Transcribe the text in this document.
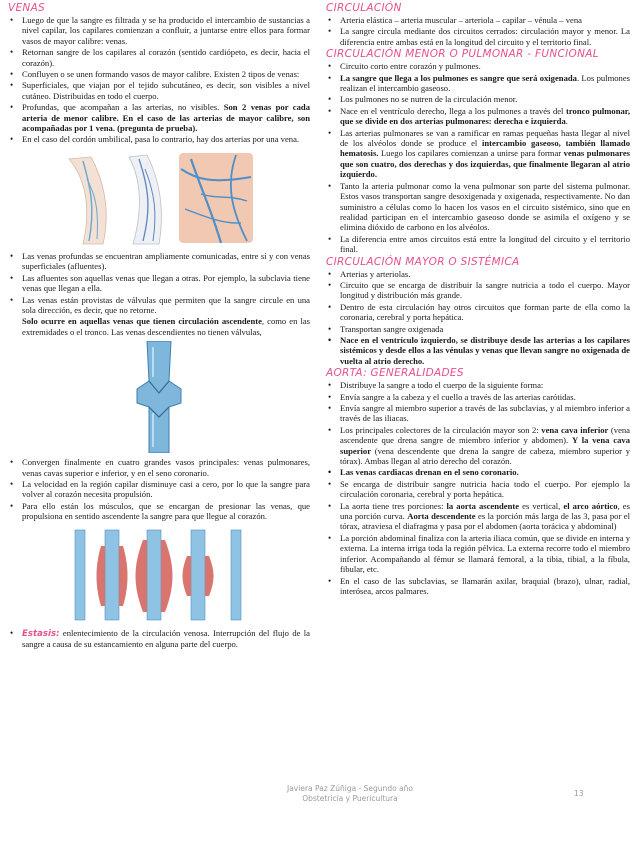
VENAS
• Luego de que la sangre es filtrada y se ha producido el intercambio de sustancias a nivel capilar, los capilares comienzan a confluir, a juntarse entre ellos para formar vasos de mayor calibre: venas.
• Retornan sangre de los capilares al corazón (sentido cardiópeto, es decir, hacia el corazón).
• Confluyen o se unen formando vasos de mayor calibre. Existen 2 tipos de venas:
• Superficiales, que viajan por el tejido subcutáneo, es decir, son visibles a nivel cutáneo. Distribuidas en todo el cuerpo.
• Profundas, que acompañan a las arterias, no visibles. Son 2 venas por cada arteria de menor calibre. En el caso de las arterias de mayor calibre, son acompañadas por 1 vena. (pregunta de prueba).
• En el caso del cordón umbilical, pasa lo contrario, hay dos arterias por una vena.
• Las venas profundas se encuentran ampliamente comunicadas, entre sí y con venas superficiales (afluentes).
• Las afluentes son aquellas venas que llegan a otras. Por ejemplo, la subclavia tiene venas que llegan a ella.
• Las venas están provistas de válvulas que permiten que la sangre circule en una sola dirección, es decir, que no retorne.
Solo ocurre en aquellas venas que tienen circulación ascendente, como en las extremidades o el tronco. Las venas descendientes no tienen válvulas,
• Convergen finalmente en cuatro grandes vasos principales: venas pulmonares, venas cavas superior e inferior, y en el seno coronario.
• La velocidad en la región capilar disminuye casi a cero, por lo que la sangre para volver al corazón necesita propulsión.
• Para ello están los músculos, que se encargan de presionar las venas, que propulsiona en sentido ascendente la sangre para que llegue al corazón.
• Estasis: enlentecimiento de la circulación venosa. Interrupción del flujo de la sangre a causa de su estancamiento en alguna parte del cuerpo.
CIRCULACIÓN
• Arteria elástica – arteria muscular – arteriola – capilar – vénula – vena
• La sangre circula mediante dos circuitos cerrados: circulación mayor y menor. La diferencia entre ambas está en la longitud del circuito y el territorio final.
CIRCULACIÓN MENOR O PULMONAR - FUNCIONAL
• Circuito corto entre corazón y pulmones.
• La sangre que llega a los pulmones es sangre que será oxigenada. Los pulmones realizan el intercambio gaseoso.
• Los pulmones no se nutren de la circulación menor.
• Nace en el ventrículo derecho, llega a los pulmones a través del tronco pulmonar, que se divide en dos arterias pulmonares: derecha e izquierda.
• Las arterias pulmonares se van a ramificar en ramas pequeñas hasta llegar al nivel de los alvéolos donde se produce el intercambio gaseoso, también llamado hematosis. Luego los capilares comienzan a unirse para formar venas pulmonares que son cuatro, dos derechas y dos izquierdas, que finalmente llegaran al atrio izquierdo.
• Tanto la arteria pulmonar como la vena pulmonar son parte del sistema pulmonar. Estos vasos transportan sangre desoxigenada y oxigenada, respectivamente. No dan suministro a células como lo hacen los vasos en el circuito sistémico, sino que en realidad participan en el intercambio gaseoso donde se asimila el oxígeno y se elimina dióxido de carbono en los alvéolos.
• La diferencia entre amos circuitos está entre la longitud del circuito y el territorio final.
CIRCULACIÓN MAYOR O SISTÉMICA
• Arterias y arteriolas.
• Circuito que se encarga de distribuir la sangre nutricia a todo el cuerpo. Mayor longitud y distribución más grande.
• Dentro de esta circulación hay otros circuitos que forman parte de ella como la coronaria, cerebral y porta hepática.
• Transportan sangre oxigenada
• Nace en el ventrículo izquierdo, se distribuye desde las arterias a los capilares sistémicos y desde ellos a las vénulas y venas que llevan sangre no oxigenada de vuelta al atrio derecho.
AORTA: GENERALIDADES
• Distribuye la sangre a todo el cuerpo de la siguiente forma:
• Envía sangre a la cabeza y el cuello a través de las arterias carótidas.
• Envía sangre al miembro superior a través de las subclavias, y al miembro inferior a través de las iliacas.
• Los principales colectores de la circulación mayor son 2: vena cava inferior (vena ascendente que drena sangre de miembro inferior y abdomen). Y la vena cava superior (vena descendente que drena la sangre de cabeza, miembro superior y tórax). Ambas llegan al atrio derecho del corazón.
• Las venas cardiacas drenan en el seno coronario.
• Se encarga de distribuir sangre nutricia hacia todo el cuerpo. Por ejemplo la circulación coronaria, cerebral y porta hepática.
• La aorta tiene tres porciones: la aorta ascendente es vertical, el arco aórtico, es una porción curva. Aorta descendente es la porción más larga de las 3, pasa por el tórax, atraviesa el diafragma y pasa por el abdomen (aorta torácica y abdominal)
• La porción abdominal finaliza con la arteria iliaca común, que se divide en interna y externa. La interna irriga toda la región pélvica. La externa recorre todo el miembro inferior. Acompañando al fémur se llamará femoral, a la tibia, tibial, a la fíbula, fibular, etc.
• En el caso de las subclavias, se llamarán axilar, braquial (brazo), ulnar, radial, interósea, arcos palmares.
Javiera Paz Zúñiga - Segundo año
Obstetricia y Puericultura	13
